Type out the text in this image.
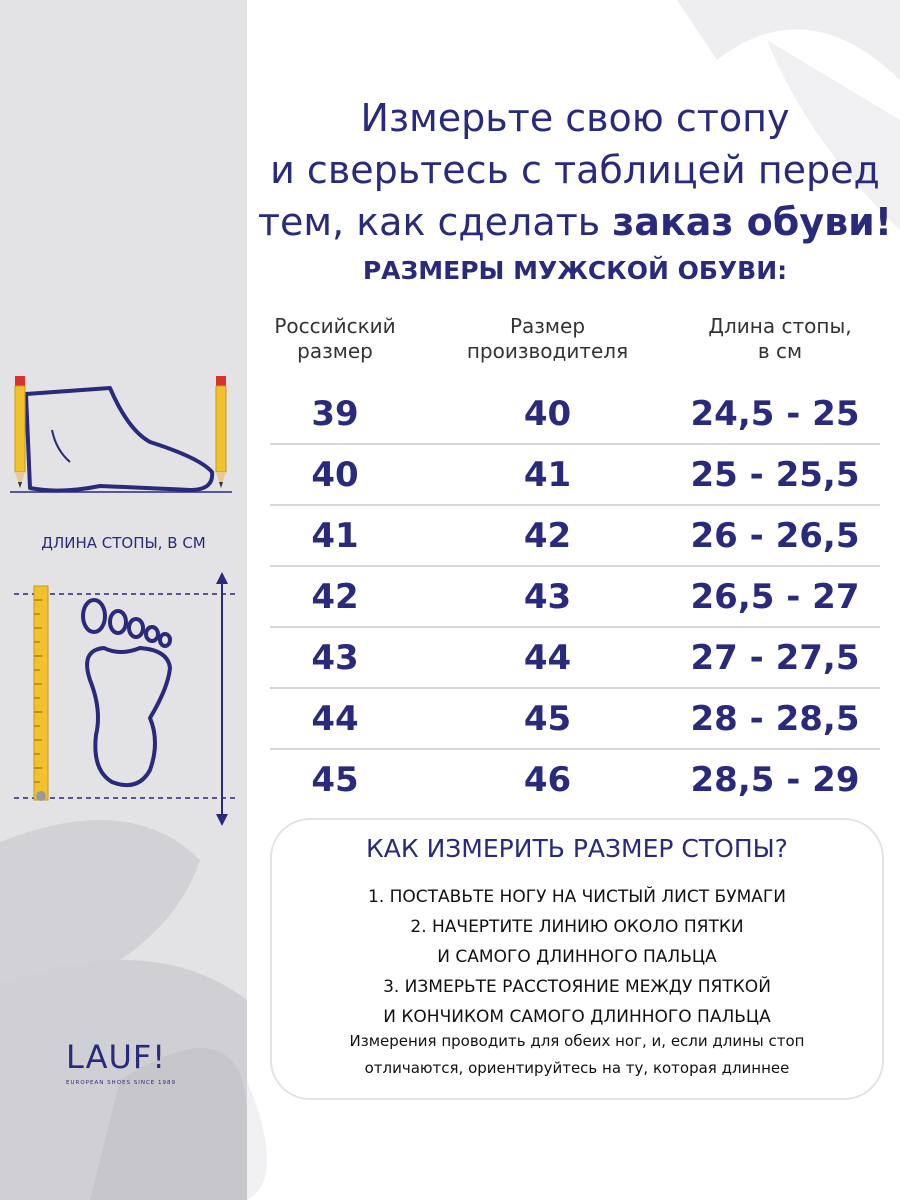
ДЛИНА СТОПЫ, В СМ
LAUF!
EUROPEAN SHOES SINCE 1989
Измерьте свою стопу
и сверьтесь с таблицей перед
тем, как сделать заказ обуви!
РАЗМЕРЫ МУЖСКОЙ ОБУВИ:
Российский
размер
Размер
производителя
Длина стопы,
в см
39	40	24,5 - 25
40	41	25 - 25,5
41	42	26 - 26,5
42	43	26,5 - 27
43	44	27 - 27,5
44	45	28 - 28,5
45	46	28,5 - 29
КАК ИЗМЕРИТЬ РАЗМЕР СТОПЫ?
1. ПОСТАВЬТЕ НОГУ НА ЧИСТЫЙ ЛИСТ БУМАГИ
2. НАЧЕРТИТЕ ЛИНИЮ ОКОЛО ПЯТКИ
И САМОГО ДЛИННОГО ПАЛЬЦА
3. ИЗМЕРЬТЕ РАССТОЯНИЕ МЕЖДУ ПЯТКОЙ
И КОНЧИКОМ САМОГО ДЛИННОГО ПАЛЬЦА
Измерения проводить для обеих ног, и, если длины стоп
отличаются, ориентируйтесь на ту, которая длиннее
